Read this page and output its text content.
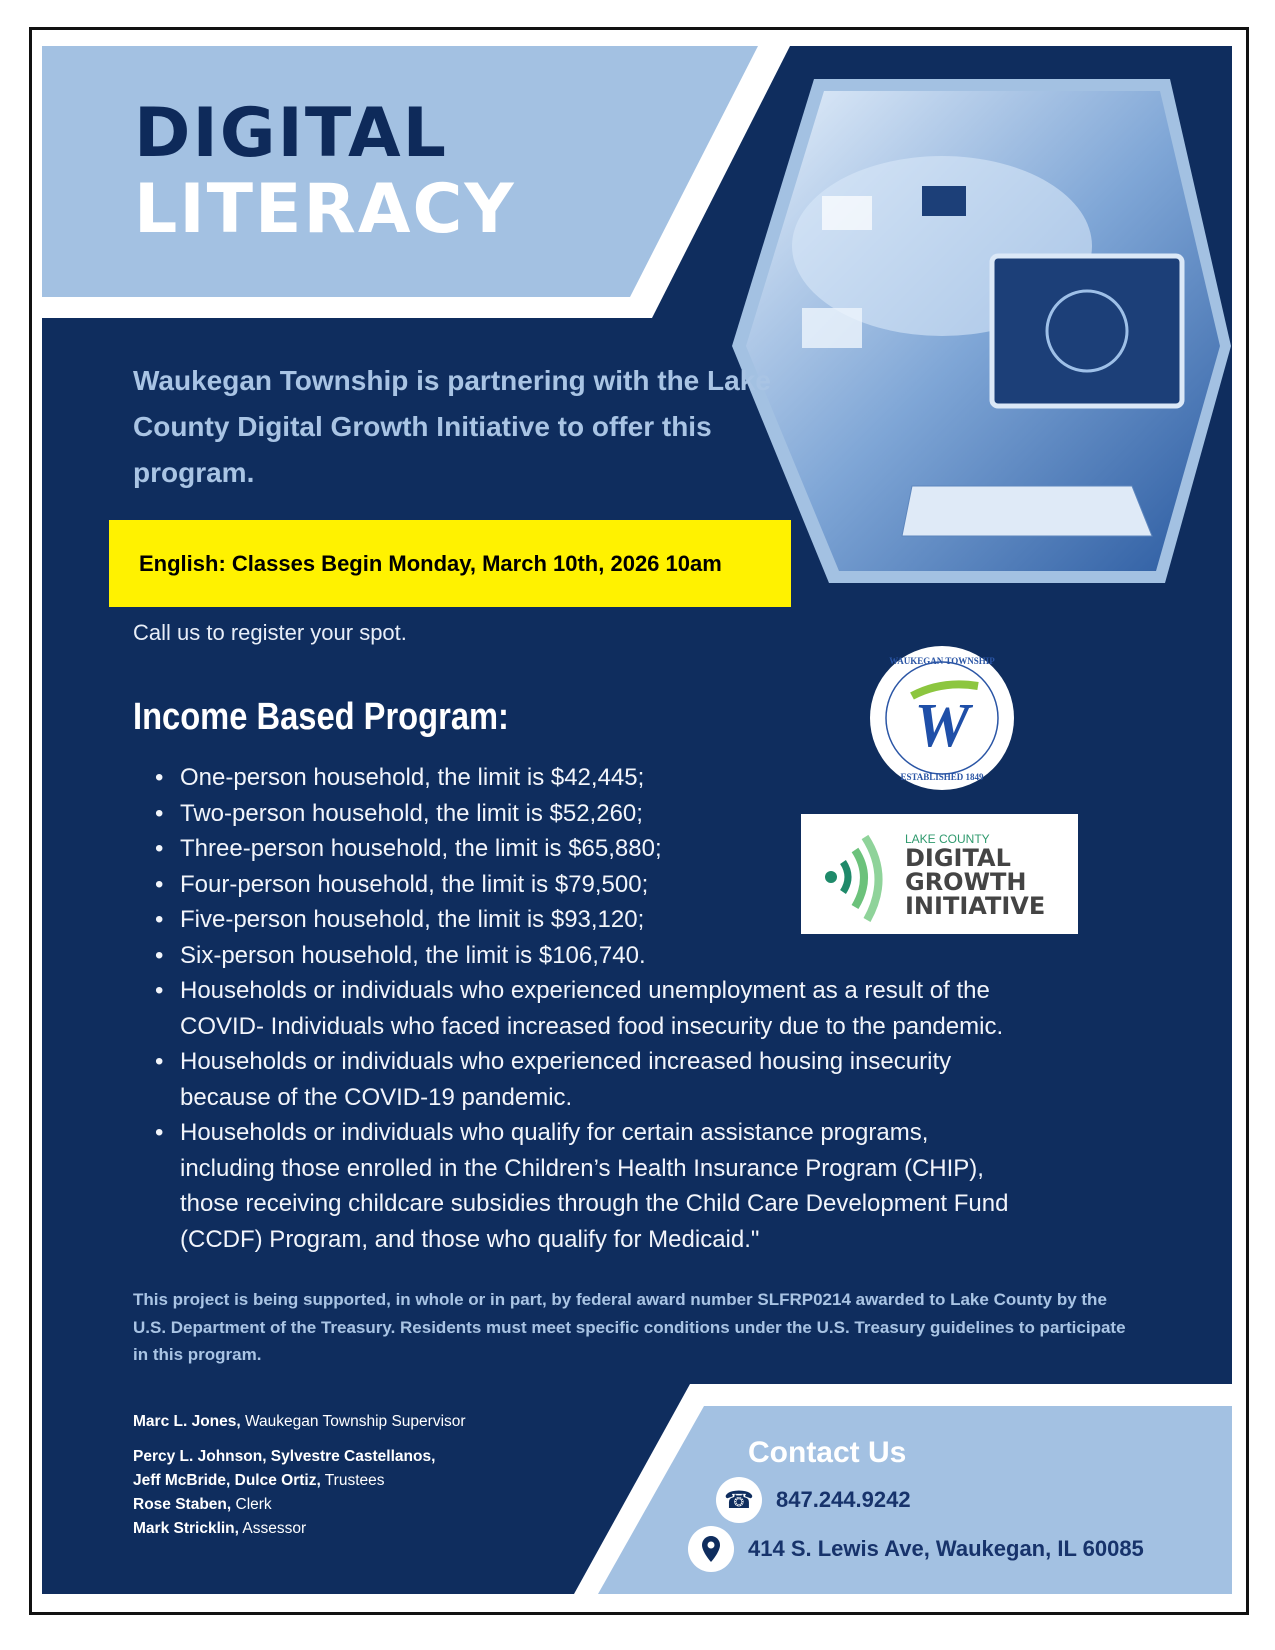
DIGITAL
LITERACY
Waukegan Township is partnering with the Lake County Digital Growth Initiative to offer this program.
English: Classes Begin Monday, March 10th, 2026 10am
Call us to register your spot.
Income Based Program:
• One-person household, the limit is $42,445;
• Two-person household, the limit is $52,260;
• Three-person household, the limit is $65,880;
• Four-person household, the limit is $79,500;
• Five-person household, the limit is $93,120;
• Six-person household, the limit is $106,740.
• Households or individuals who experienced unemployment as a result of the
COVID- Individuals who faced increased food insecurity due to the pandemic.
• Households or individuals who experienced increased housing insecurity
because of the COVID-19 pandemic.
• Households or individuals who qualify for certain assistance programs,
including those enrolled in the Children’s Health Insurance Program (CHIP),
those receiving childcare subsidies through the Child Care Development Fund
(CCDF) Program, and those who qualify for Medicaid."
W
WAUKEGAN TOWNSHIP
ESTABLISHED 1849
LAKE COUNTY
DIGITAL
GROWTH
INITIATIVE
This project is being supported, in whole or in part, by federal award number SLFRP0214 awarded to Lake County by the U.S. Department of the Treasury. Residents must meet specific conditions under the U.S. Treasury guidelines to participate in this program.
Marc L. Jones, Waukegan Township Supervisor
Percy L. Johnson, Sylvestre Castellanos,
Jeff McBride, Dulce Ortiz, Trustees
Rose Staben, Clerk
Mark Stricklin, Assessor
Contact Us
☎	847.244.9242
414 S. Lewis Ave, Waukegan, IL 60085
